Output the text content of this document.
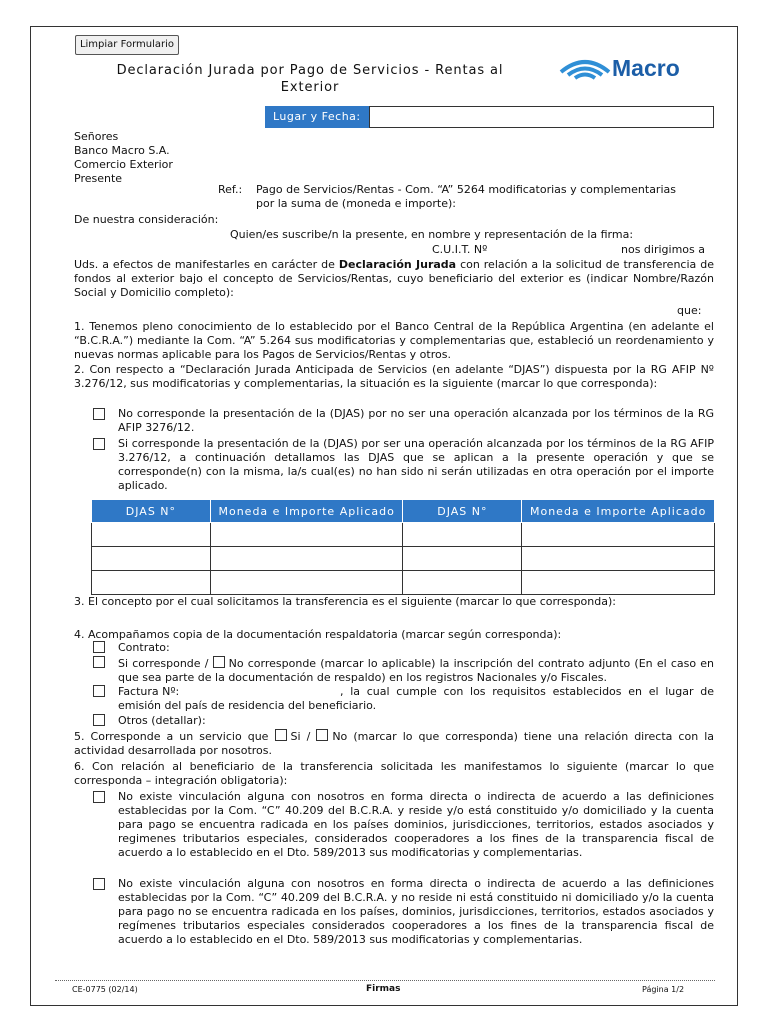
Limpiar Formulario
Declaración Jurada por Pago de Servicios - Rentas al
Exterior
Macro
Lugar y Fecha:
Señores
Banco Macro S.A.
Comercio Exterior
Presente
Ref.: Pago de Servicios/Rentas - Com. “A” 5264 modificatorias y complementarias
por la suma de (moneda e importe):
De nuestra consideración:
Quien/es suscribe/n la presente, en nombre y representación de la firma:
C.U.I.T. Nº	nos dirigimos a
Uds. a efectos de manifestarles en carácter de Declaración Jurada con relación a la solicitud de transferencia de fondos al exterior bajo el concepto de Servicios/Rentas, cuyo beneficiario del exterior es (indicar Nombre/Razón Social y Domicilio completo):
que:
1. Tenemos pleno conocimiento de lo establecido por el Banco Central de la República Argentina (en adelante el “B.C.R.A.”) mediante la Com. “A” 5.264 sus modificatorias y complementarias que, estableció un reordenamiento y nuevas normas aplicable para los Pagos de Servicios/Rentas y otros.
2. Con respecto a “Declaración Jurada Anticipada de Servicios (en adelante “DJAS”) dispuesta por la RG AFIP Nº 3.276/12, sus modificatorias y complementarias, la situación es la siguiente (marcar lo que corresponda):
No corresponde la presentación de la (DJAS) por no ser una operación alcanzada por los términos de la RG AFIP 3276/12.
Si corresponde la presentación de la (DJAS) por ser una operación alcanzada por los términos de la RG AFIP 3.276/12, a continuación detallamos las DJAS que se aplican a la presente operación y que se corresponde(n) con la misma, la/s cual(es) no han sido ni serán utilizadas en otra operación por el importe aplicado.
DJAS N°	Moneda e Importe Aplicado	DJAS N°	Moneda e Importe Aplicado

3. El concepto por el cual solicitamos la transferencia es el siguiente (marcar lo que corresponda):
4. Acompañamos copia de la documentación respaldatoria (marcar según corresponda):
Contrato:
Si corresponde / No corresponde (marcar lo aplicable) la inscripción del contrato adjunto (En el caso en que sea parte de la documentación de respaldo) en los registros Nacionales y/o Fiscales.
Factura Nº:	, la cual cumple con los requisitos establecidos en el lugar de emisión del país de residencia del beneficiario.
Otros (detallar):
5. Corresponde a un servicio que Si / No (marcar lo que corresponda) tiene una relación directa con la actividad desarrollada por nosotros.
6. Con relación al beneficiario de la transferencia solicitada les manifestamos lo siguiente (marcar lo que corresponda – integración obligatoria):
No existe vinculación alguna con nosotros en forma directa o indirecta de acuerdo a las definiciones establecidas por la Com. “C” 40.209 del B.C.R.A. y reside y/o está constituido y/o domiciliado y la cuenta para pago se encuentra radicada en los países dominios, jurisdicciones, territorios, estados asociados y regimenes tributarios especiales, considerados cooperadores a los fines de la transparencia fiscal de acuerdo a lo establecido en el Dto. 589/2013 sus modificatorias y complementarias.
No existe vinculación alguna con nosotros en forma directa o indirecta de acuerdo a las definiciones establecidas por la Com. “C” 40.209 del B.C.R.A. y no reside ni está constituido ni domiciliado y/o la cuenta para pago no se encuentra radicada en los países, dominios, jurisdicciones, territorios, estados asociados y regímenes tributarios especiales considerados cooperadores a los fines de la transparencia fiscal de acuerdo a lo establecido en el Dto. 589/2013 sus modificatorias y complementarias.
CE-0775 (02/14)	Firmas	Página 1/2
